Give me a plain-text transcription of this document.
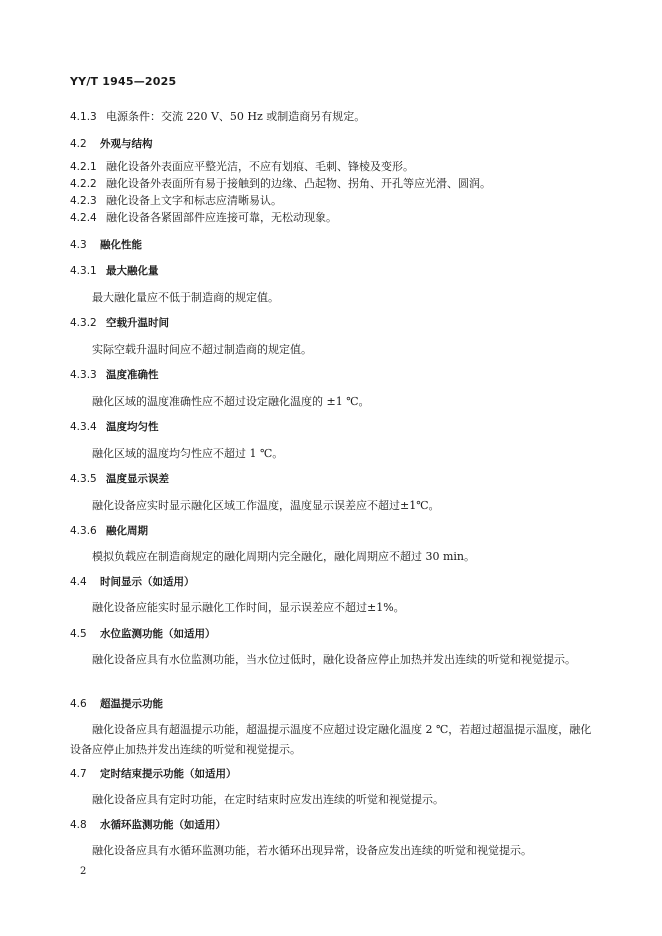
YY/T 1945—2025
4.1.3 电源条件：交流 220 V、50 Hz 或制造商另有规定。
4.2 外观与结构
4.2.1 融化设备外表面应平整光洁，不应有划痕、毛刺、锋棱及变形。
4.2.2 融化设备外表面所有易于接触到的边缘、凸起物、拐角、开孔等应光滑、圆润。
4.2.3 融化设备上文字和标志应清晰易认。
4.2.4 融化设备各紧固部件应连接可靠，无松动现象。
4.3 融化性能
4.3.1 最大融化量
最大融化量应不低于制造商的规定值。
4.3.2 空载升温时间
实际空载升温时间应不超过制造商的规定值。
4.3.3 温度准确性
融化区域的温度准确性应不超过设定融化温度的 ±1 ℃。
4.3.4 温度均匀性
融化区域的温度均匀性应不超过 1 ℃。
4.3.5 温度显示误差
融化设备应实时显示融化区域工作温度，温度显示误差应不超过±1℃。
4.3.6 融化周期
模拟负载应在制造商规定的融化周期内完全融化，融化周期应不超过 30 min。
4.4 时间显示（如适用）
融化设备应能实时显示融化工作时间，显示误差应不超过±1%。
4.5 水位监测功能（如适用）
融化设备应具有水位监测功能，当水位过低时，融化设备应停止加热并发出连续的听觉和视觉提示。
4.6 超温提示功能
融化设备应具有超温提示功能，超温提示温度不应超过设定融化温度 2 ℃，若超过超温提示温度，融化设备应停止加热并发出连续的听觉和视觉提示。
4.7 定时结束提示功能（如适用）
融化设备应具有定时功能，在定时结束时应发出连续的听觉和视觉提示。
4.8 水循环监测功能（如适用）
融化设备应具有水循环监测功能，若水循环出现异常，设备应发出连续的听觉和视觉提示。
2
